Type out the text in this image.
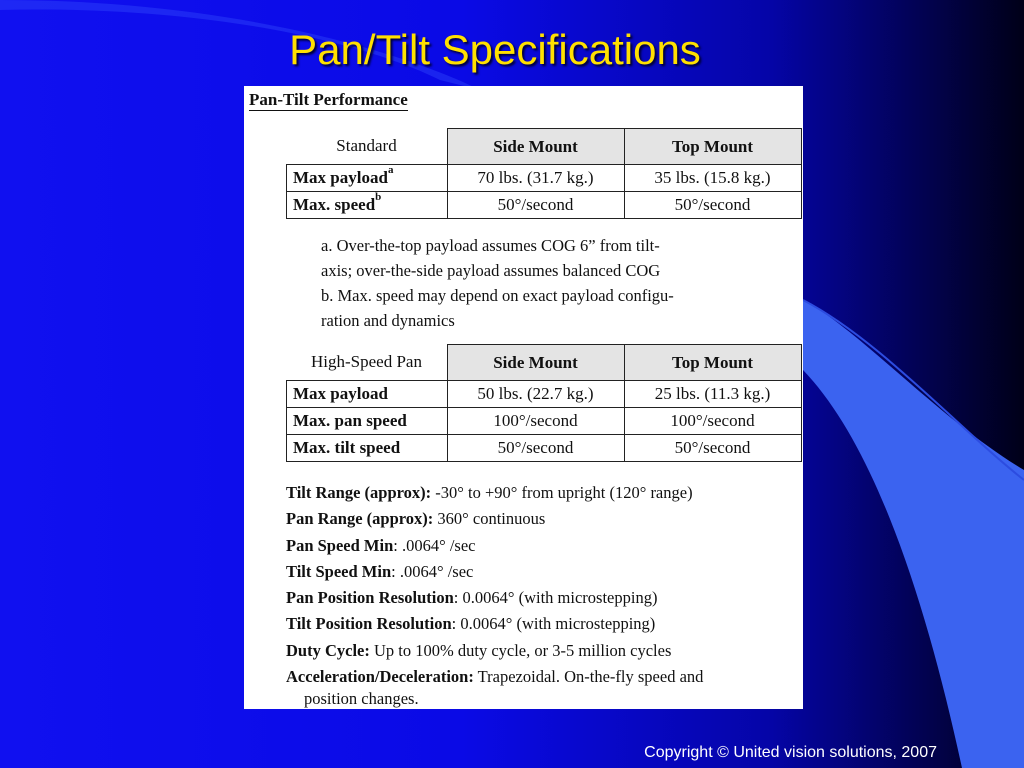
Pan/Tilt Specifications
Pan-Tilt Performance
Standard	Side Mount	Top Mount
Max payload$^a$	70 lbs. (31.7 kg.)	35 lbs. (15.8 kg.)
Max. speed$^b$	50°/second	50°/second
a. Over-the-top payload assumes COG 6” from tilt-
axis; over-the-side payload assumes balanced COG
b. Max. speed may depend on exact payload configu-
ration and dynamics
High-Speed Pan	Side Mount	Top Mount
Max payload	50 lbs. (22.7 kg.)	25 lbs. (11.3 kg.)
Max. pan speed	100°/second	100°/second
Max. tilt speed	50°/second	50°/second
Tilt Range (approx): -30° to +90° from upright (120° range)
Pan Range (approx): 360° continuous
Pan Speed Min: .0064° /sec
Tilt Speed Min: .0064° /sec
Pan Position Resolution: 0.0064° (with microstepping)
Tilt Position Resolution: 0.0064° (with microstepping)
Duty Cycle: Up to 100% duty cycle, or 3-5 million cycles
Acceleration/Deceleration: Trapezoidal. On-the-fly speed and
position changes.
Copyright © United vision solutions, 2007
